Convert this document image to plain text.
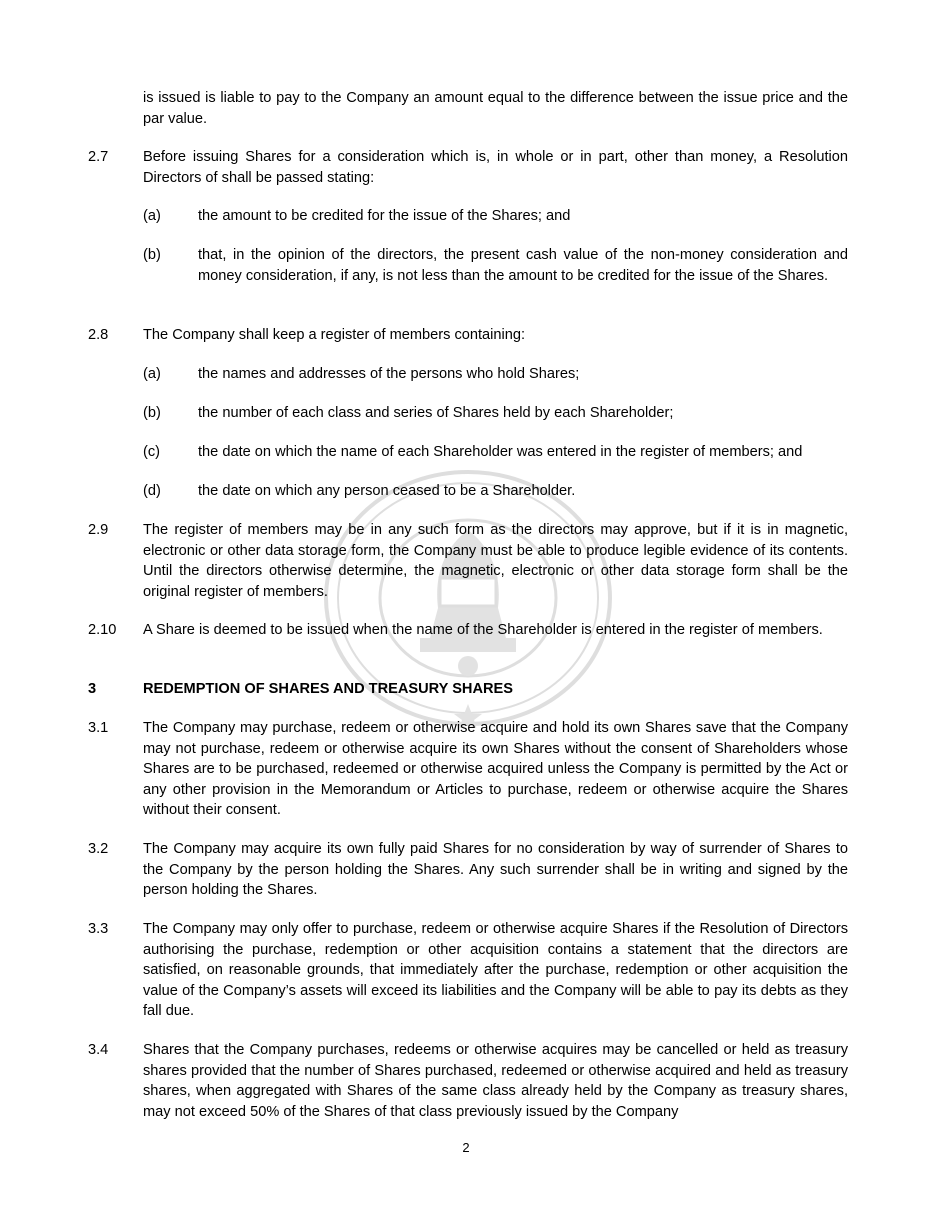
is issued is liable to pay to the Company an amount equal to the difference between the issue price and the par value.
2.7	Before issuing Shares for a consideration which is, in whole or in part, other than money, a Resolution Directors of shall be passed stating:
(a)	the amount to be credited for the issue of the Shares; and
(b)	that, in the opinion of the directors, the present cash value of the non-money consideration and money consideration, if any, is not less than the amount to be credited for the issue of the Shares.
2.8	The Company shall keep a register of members containing:
(a)	the names and addresses of the persons who hold Shares;
(b)	the number of each class and series of Shares held by each Shareholder;
(c)	the date on which the name of each Shareholder was entered in the register of members; and
(d)	the date on which any person ceased to be a Shareholder.
2.9	The register of members may be in any such form as the directors may approve, but if it is in magnetic, electronic or other data storage form, the Company must be able to produce legible evidence of its contents. Until the directors otherwise determine, the magnetic, electronic or other data storage form shall be the original register of members.
2.10	A Share is deemed to be issued when the name of the Shareholder is entered in the register of members.
3	REDEMPTION OF SHARES AND TREASURY SHARES
3.1	The Company may purchase, redeem or otherwise acquire and hold its own Shares save that the Company may not purchase, redeem or otherwise acquire its own Shares without the consent of Shareholders whose Shares are to be purchased, redeemed or otherwise acquired unless the Company is permitted by the Act or any other provision in the Memorandum or Articles to purchase, redeem or otherwise acquire the Shares without their consent.
3.2	The Company may acquire its own fully paid Shares for no consideration by way of surrender of Shares to the Company by the person holding the Shares. Any such surrender shall be in writing and signed by the person holding the Shares.
3.3	The Company may only offer to purchase, redeem or otherwise acquire Shares if the Resolution of Directors authorising the purchase, redemption or other acquisition contains a statement that the directors are satisfied, on reasonable grounds, that immediately after the purchase, redemption or other acquisition the value of the Company’s assets will exceed its liabilities and the Company will be able to pay its debts as they fall due.
3.4	Shares that the Company purchases, redeems or otherwise acquires may be cancelled or held as treasury shares provided that the number of Shares purchased, redeemed or otherwise acquired and held as treasury shares, when aggregated with Shares of the same class already held by the Company as treasury shares, may not exceed 50% of the Shares of that class previously issued by the Company
2
